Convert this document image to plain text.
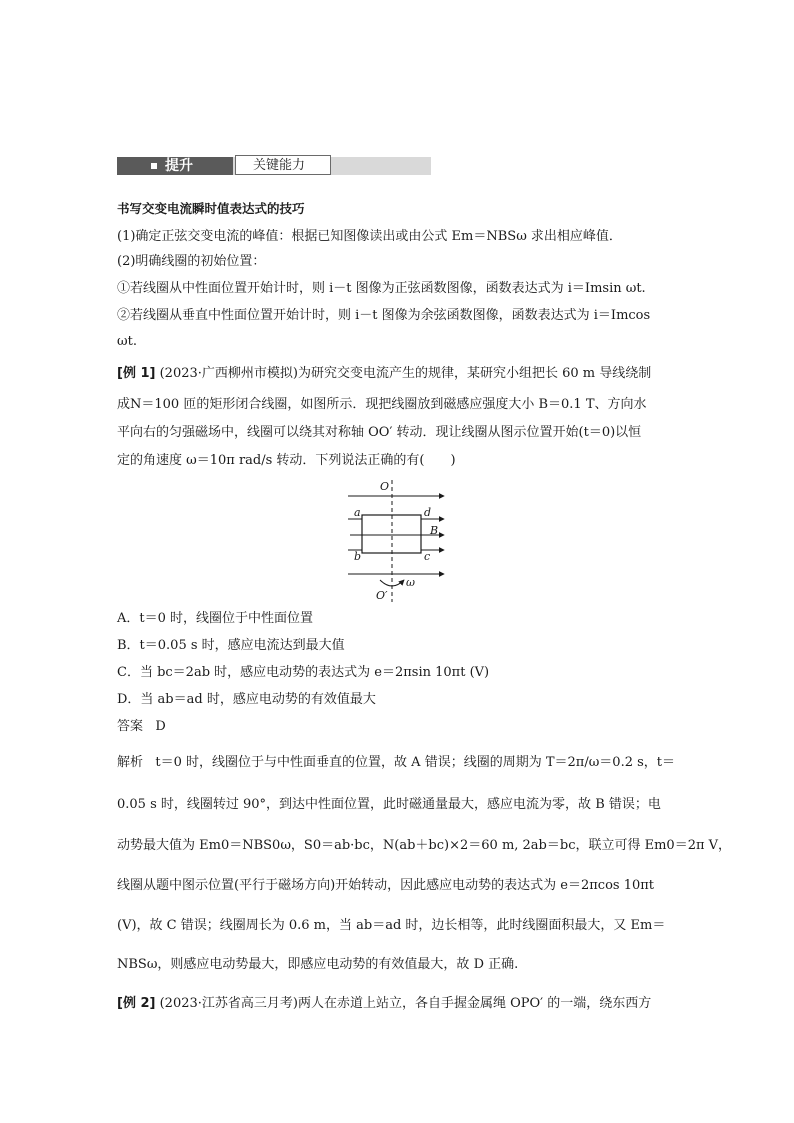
提升	关键能力
书写交变电流瞬时值表达式的技巧
(1)确定正弦交变电流的峰值：根据已知图像读出或由公式 Em＝NBSω 求出相应峰值．
(2)明确线圈的初始位置：
①若线圈从中性面位置开始计时，则 i－t 图像为正弦函数图像，函数表达式为 i＝Imsin ωt.
②若线圈从垂直中性面位置开始计时，则 i－t 图像为余弦函数图像，函数表达式为 i＝Imcos
ωt.
[例 1] (2023·广西柳州市模拟)为研究交变电流产生的规律，某研究小组把长 60 m 导线绕制
成N＝100 匝的矩形闭合线圈，如图所示．现把线圈放到磁感应强度大小 B＝0.1 T、方向水
平向右的匀强磁场中，线圈可以绕其对称轴 OO′ 转动．现让线圈从图示位置开始(t＝0)以恒
定的角速度 ω＝10π rad/s 转动．下列说法正确的有(　　)
O
a	d
B
b	c
ω
O′
A．t＝0 时，线圈位于中性面位置
B．t＝0.05 s 时，感应电流达到最大值
C．当 bc＝2ab 时，感应电动势的表达式为 e＝2πsin 10πt (V)
D．当 ab＝ad 时，感应电动势的有效值最大
答案 D
解析 t＝0 时，线圈位于与中性面垂直的位置，故 A 错误；线圈的周期为 T＝2π/ω＝0.2 s，t＝
0.05 s 时，线圈转过 90°，到达中性面位置，此时磁通量最大，感应电流为零，故 B 错误；电
动势最大值为 Em0＝NBS0ω，S0＝ab·bc，N(ab＋bc)×2＝60 m, 2ab＝bc，联立可得 Em0＝2π V，
线圈从题中图示位置(平行于磁场方向)开始转动，因此感应电动势的表达式为 e＝2πcos 10πt
(V)，故 C 错误；线圈周长为 0.6 m，当 ab＝ad 时，边长相等，此时线圈面积最大，又 Em＝
NBSω，则感应电动势最大，即感应电动势的有效值最大，故 D 正确.
[例 2] (2023·江苏省高三月考)两人在赤道上站立，各自手握金属绳 OPO′ 的一端，绕东西方
